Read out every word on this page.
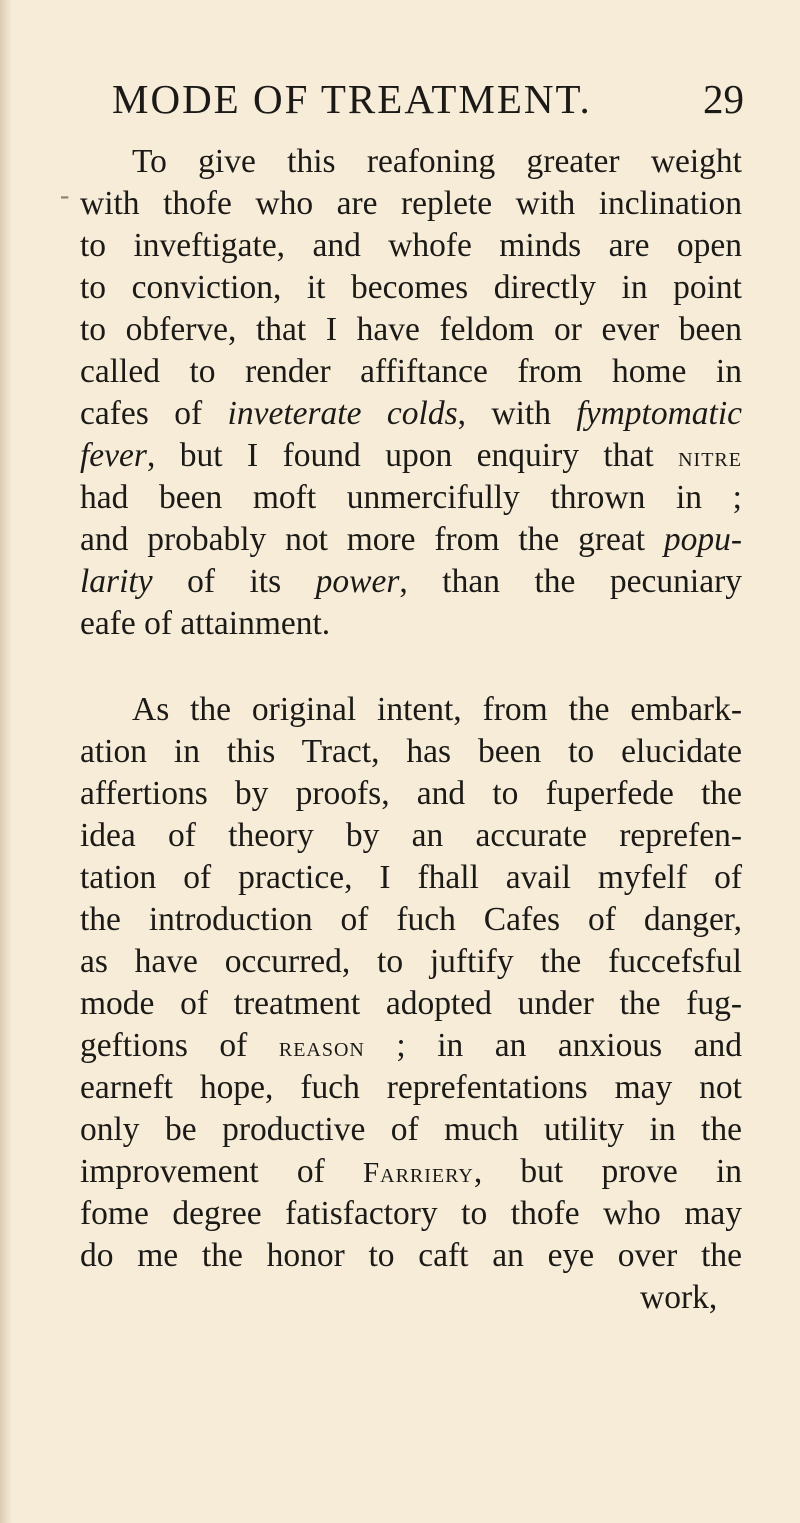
MODE OF TREATMENT.	29
-
To give this reafoning greater weight
with thofe who are replete with inclination
to inveftigate, and whofe minds are open
to conviction, it becomes directly in point
to obferve, that I have feldom or ever been
called to render affiftance from home in
cafes of inveterate colds, with fymptomatic
fever, but I found upon enquiry that nitre
had been moft unmercifully thrown in ;
and probably not more from the great popu-
larity of its power, than the pecuniary
eafe of attainment.
As the original intent, from the embark-
ation in this Tract, has been to elucidate
affertions by proofs, and to fuperfede the
idea of theory by an accurate reprefen-
tation of practice, I fhall avail myfelf of
the introduction of fuch Cafes of danger,
as have occurred, to juftify the fuccefsful
mode of treatment adopted under the fug-
geftions of reason ; in an anxious and
earneft hope, fuch reprefentations may not
only be productive of much utility in the
improvement of Farriery, but prove in
fome degree fatisfactory to thofe who may
do me the honor to caft an eye over the
work,
